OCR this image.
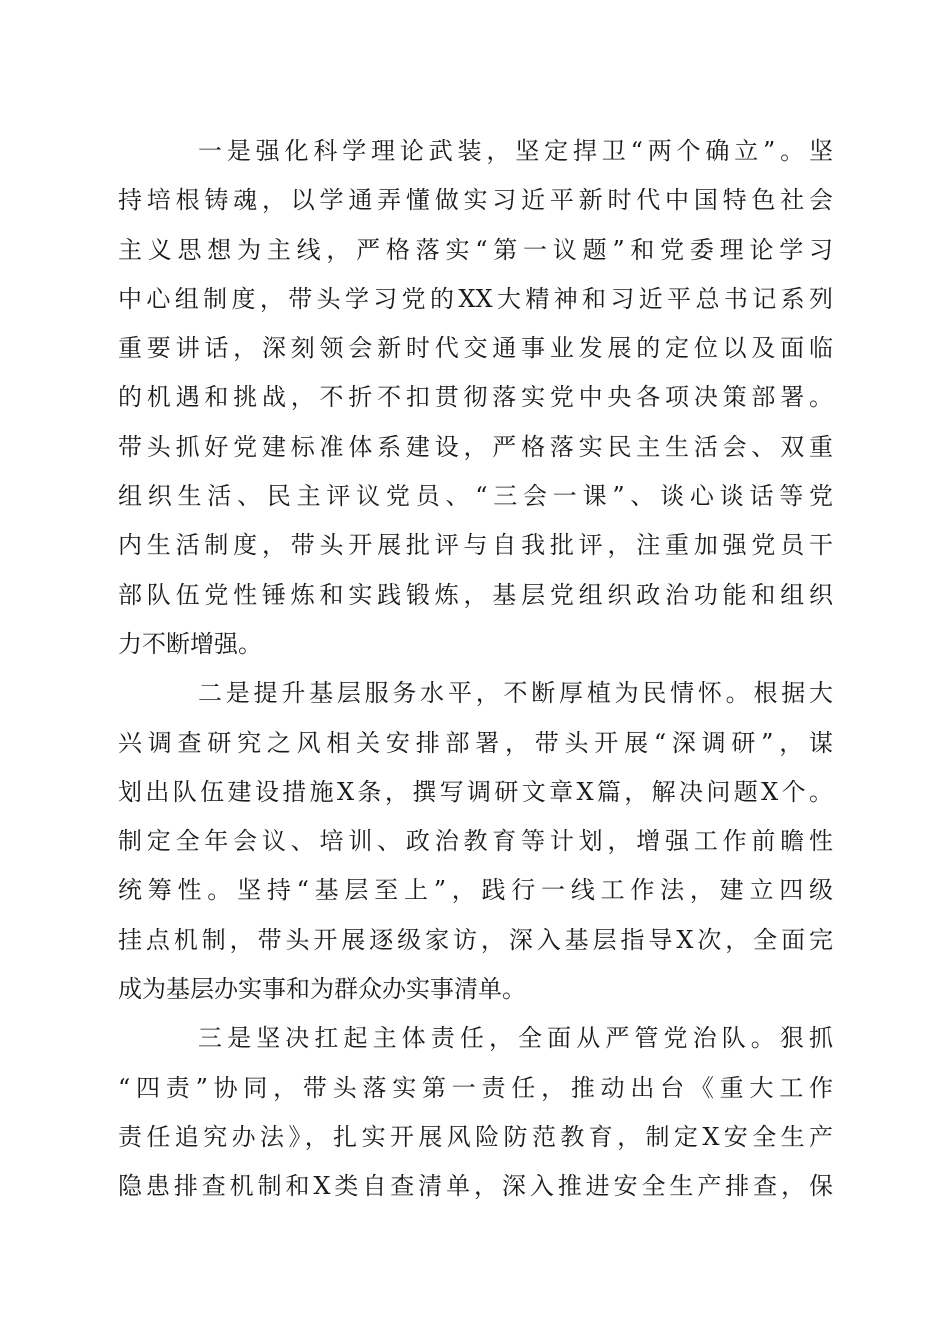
一是强化科学理论武装，坚定捍卫“两个确立”。坚
持培根铸魂，以学通弄懂做实习近平新时代中国特色社会
主义思想为主线，严格落实“第一议题”和党委理论学习
中心组制度，带头学习党的XX大精神和习近平总书记系列
重要讲话，深刻领会新时代交通事业发展的定位以及面临
的机遇和挑战，不折不扣贯彻落实党中央各项决策部署。
带头抓好党建标准体系建设，严格落实民主生活会、双重
组织生活、民主评议党员、“三会一课”、谈心谈话等党
内生活制度，带头开展批评与自我批评，注重加强党员干
部队伍党性锤炼和实践锻炼，基层党组织政治功能和组织
力不断增强。
二是提升基层服务水平，不断厚植为民情怀。根据大
兴调查研究之风相关安排部署，带头开展“深调研”，谋
划出队伍建设措施X条，撰写调研文章X篇，解决问题X个。
制定全年会议、培训、政治教育等计划，增强工作前瞻性
统筹性。坚持“基层至上”，践行一线工作法，建立四级
挂点机制，带头开展逐级家访，深入基层指导X次，全面完
成为基层办实事和为群众办实事清单。
三是坚决扛起主体责任，全面从严管党治队。狠抓
“四责”协同，带头落实第一责任，推动出台《重大工作
责任追究办法》，扎实开展风险防范教育，制定X安全生产
隐患排查机制和X类自查清单，深入推进安全生产排查，保
